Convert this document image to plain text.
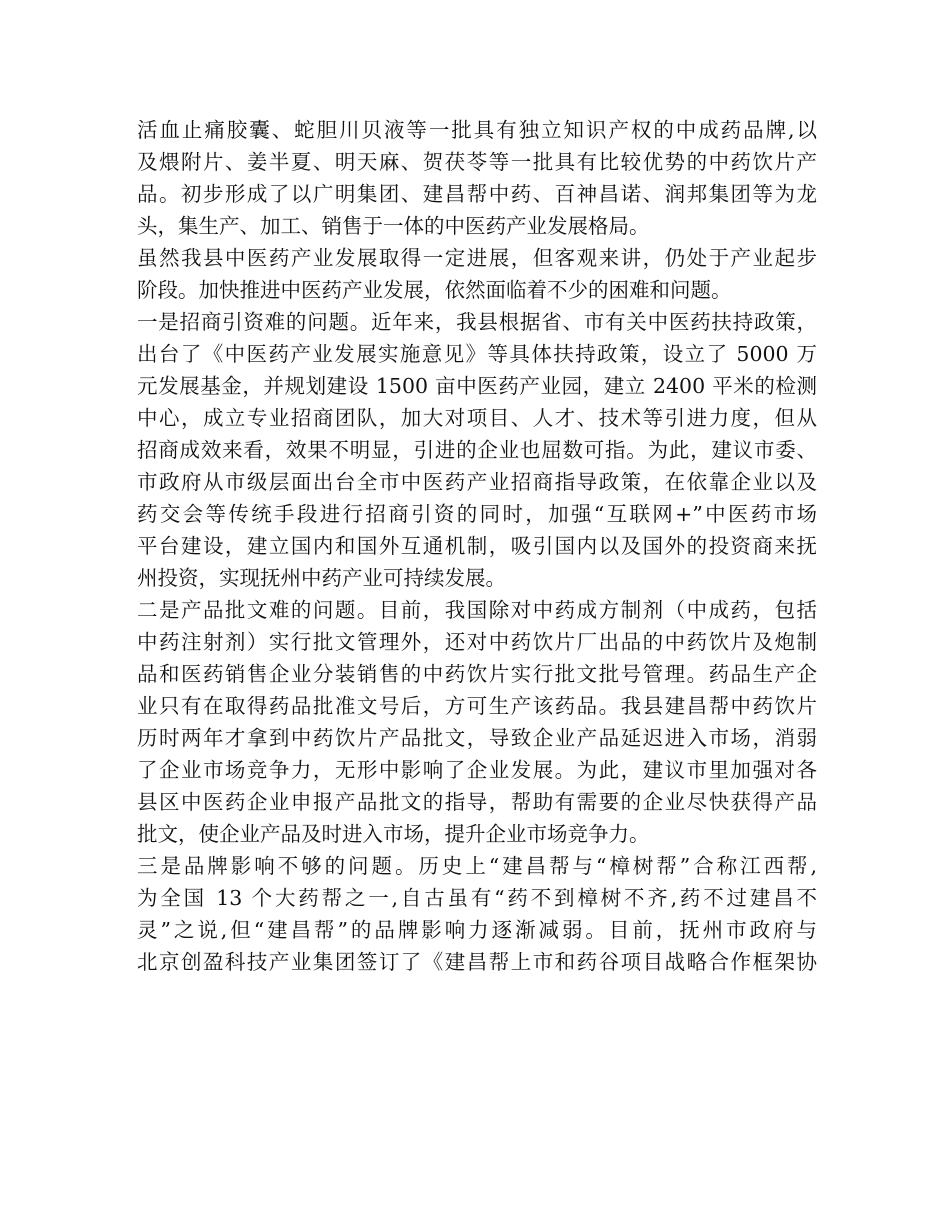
活血止痛胶囊、蛇胆川贝液等一批具有独立知识产权的中成药品牌,以
及煨附片、姜半夏、明天麻、贺茯苓等一批具有比较优势的中药饮片产
品。初步形成了以广明集团、建昌帮中药、百神昌诺、润邦集团等为龙
头，集生产、加工、销售于一体的中医药产业发展格局。
虽然我县中医药产业发展取得一定进展，但客观来讲，仍处于产业起步
阶段。加快推进中医药产业发展，依然面临着不少的困难和问题。
一是招商引资难的问题。近年来，我县根据省、市有关中医药扶持政策，
出台了《中医药产业发展实施意见》等具体扶持政策，设立了 5000 万
元发展基金，并规划建设 1500 亩中医药产业园，建立 2400 平米的检测
中心，成立专业招商团队，加大对项目、人才、技术等引进力度，但从
招商成效来看，效果不明显，引进的企业也屈数可指。为此，建议市委、
市政府从市级层面出台全市中医药产业招商指导政策，在依靠企业以及
药交会等传统手段进行招商引资的同时，加强“互联网+”中医药市场
平台建设，建立国内和国外互通机制，吸引国内以及国外的投资商来抚
州投资，实现抚州中药产业可持续发展。
二是产品批文难的问题。目前，我国除对中药成方制剂（中成药，包括
中药注射剂）实行批文管理外，还对中药饮片厂出品的中药饮片及炮制
品和医药销售企业分装销售的中药饮片实行批文批号管理。药品生产企
业只有在取得药品批准文号后，方可生产该药品。我县建昌帮中药饮片
历时两年才拿到中药饮片产品批文，导致企业产品延迟进入市场，消弱
了企业市场竞争力，无形中影响了企业发展。为此，建议市里加强对各
县区中医药企业申报产品批文的指导，帮助有需要的企业尽快获得产品
批文，使企业产品及时进入市场，提升企业市场竞争力。
三是品牌影响不够的问题。历史上“建昌帮与“樟树帮”合称江西帮,
为全国 13 个大药帮之一,自古虽有“药不到樟树不齐,药不过建昌不
灵”之说,但“建昌帮”的品牌影响力逐渐减弱。目前，抚州市政府与
北京创盈科技产业集团签订了《建昌帮上市和药谷项目战略合作框架协
